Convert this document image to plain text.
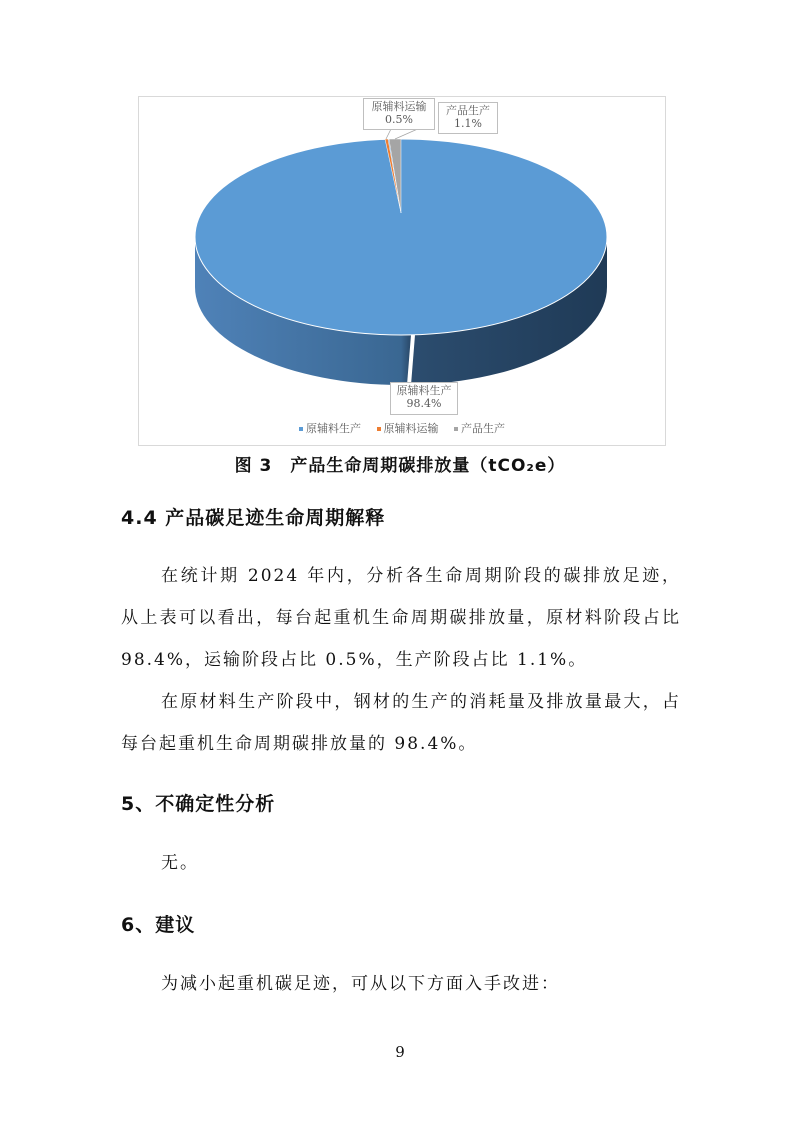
原辅料运输
0.5%
产品生产
1.1%
原辅料生产
98.4%
原辅料生产 原辅料运输 产品生产
图 3　产品生命周期碳排放量（tCO₂e）
4.4 产品碳足迹生命周期解释
在统计期 2024 年内，分析各生命周期阶段的碳排放足迹，从上表可以看出，每台起重机生命周期碳排放量，原材料阶段占比98.4%，运输阶段占比 0.5%，生产阶段占比 1.1%。
在原材料生产阶段中，钢材的生产的消耗量及排放量最大，占每台起重机生命周期碳排放量的 98.4%。
5、不确定性分析
无。
6、建议
为减小起重机碳足迹，可从以下方面入手改进：
9
